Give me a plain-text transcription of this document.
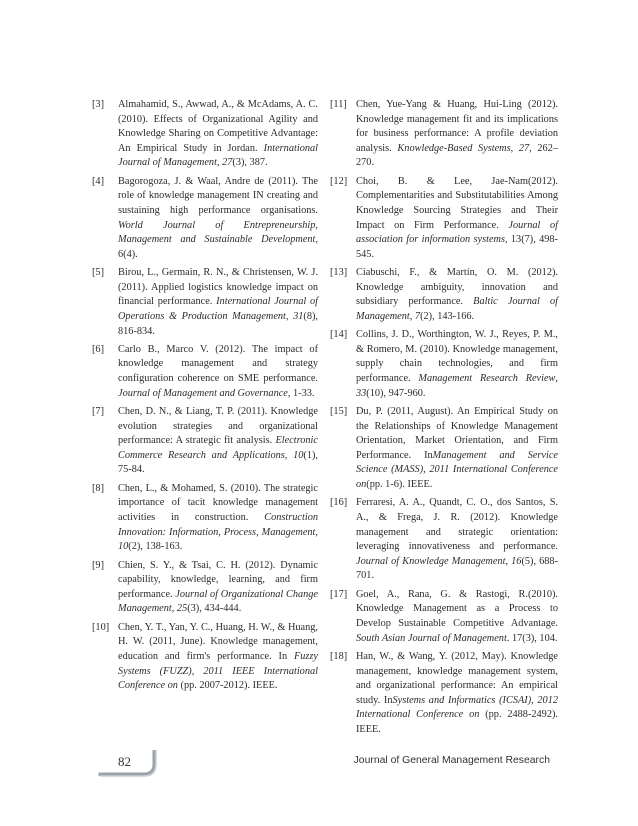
[3]	Almahamid, S., Awwad, A., & McAdams, A. C. (2010). Effects of Organizational Agility and Knowledge Sharing on Competitive Advantage: An Empirical Study in Jordan. International Journal of Management, 27(3), 387.
[4]	Bagorogoza, J. & Waal, Andre de (2011). The role of knowledge management IN creating and sustaining high performance organisations. World Journal of Entrepreneurship, Management and Sustainable Development, 6(4).
[5]	Birou, L., Germain, R. N., & Christensen, W. J. (2011). Applied logistics knowledge impact on financial performance. International Journal of Operations & Production Management, 31(8), 816-834.
[6]	Carlo B., Marco V. (2012). The impact of knowledge management and strategy configuration coherence on SME performance. Journal of Management and Governance, 1-33.
[7]	Chen, D. N., & Liang, T. P. (2011). Knowledge evolution strategies and organizational performance: A strategic fit analysis. Electronic Commerce Research and Applications, 10(1), 75-84.
[8]	Chen, L., & Mohamed, S. (2010). The strategic importance of tacit knowledge management activities in construction. Construction Innovation: Information, Process, Management, 10(2), 138-163.
[9]	Chien, S. Y., & Tsai, C. H. (2012). Dynamic capability, knowledge, learning, and firm performance. Journal of Organizational Change Management, 25(3), 434-444.
[10] Chen, Y. T., Yan, Y. C., Huang, H. W., & Huang, H. W. (2011, June). Knowledge management, education and firm's performance. In Fuzzy Systems (FUZZ), 2011 IEEE International Conference on (pp. 2007-2012). IEEE.
[11] Chen, Yue-Yang & Huang, Hui-Ling (2012). Knowledge management fit and its implications for business performance: A profile deviation analysis. Knowledge-Based Systems, 27, 262–270.
[12] Choi, B. & Lee, Jae-Nam(2012). Complementarities and Substitutabilities Among Knowledge Sourcing Strategies and Their Impact on Firm Performance. Journal of association for information systems, 13(7), 498-545.
[13] Ciabuschi, F., & Martín, O. M. (2012). Knowledge ambiguity, innovation and subsidiary performance. Baltic Journal of Management, 7(2), 143-166.
[14] Collins, J. D., Worthington, W. J., Reyes, P. M., & Romero, M. (2010). Knowledge management, supply chain technologies, and firm performance. Management Research Review, 33(10), 947-960.
[15] Du, P. (2011, August). An Empirical Study on the Relationships of Knowledge Management Orientation, Market Orientation, and Firm Performance. InManagement and Service Science (MASS), 2011 International Conference on(pp. 1-6). IEEE.
[16] Ferraresi, A. A., Quandt, C. O., dos Santos, S. A., & Frega, J. R. (2012). Knowledge management and strategic orientation: leveraging innovativeness and performance. Journal of Knowledge Management, 16(5), 688-701.
[17] Goel, A., Rana, G. & Rastogi, R.(2010). Knowledge Management as a Process to Develop Sustainable Competitive Advantage. South Asian Journal of Management. 17(3), 104.
[18] Han, W., & Wang, Y. (2012, May). Knowledge management, knowledge management system, and organizational performance: An empirical study. InSystems and Informatics (ICSAI), 2012 International Conference on (pp. 2488-2492). IEEE.
82	Journal of General Management Research
